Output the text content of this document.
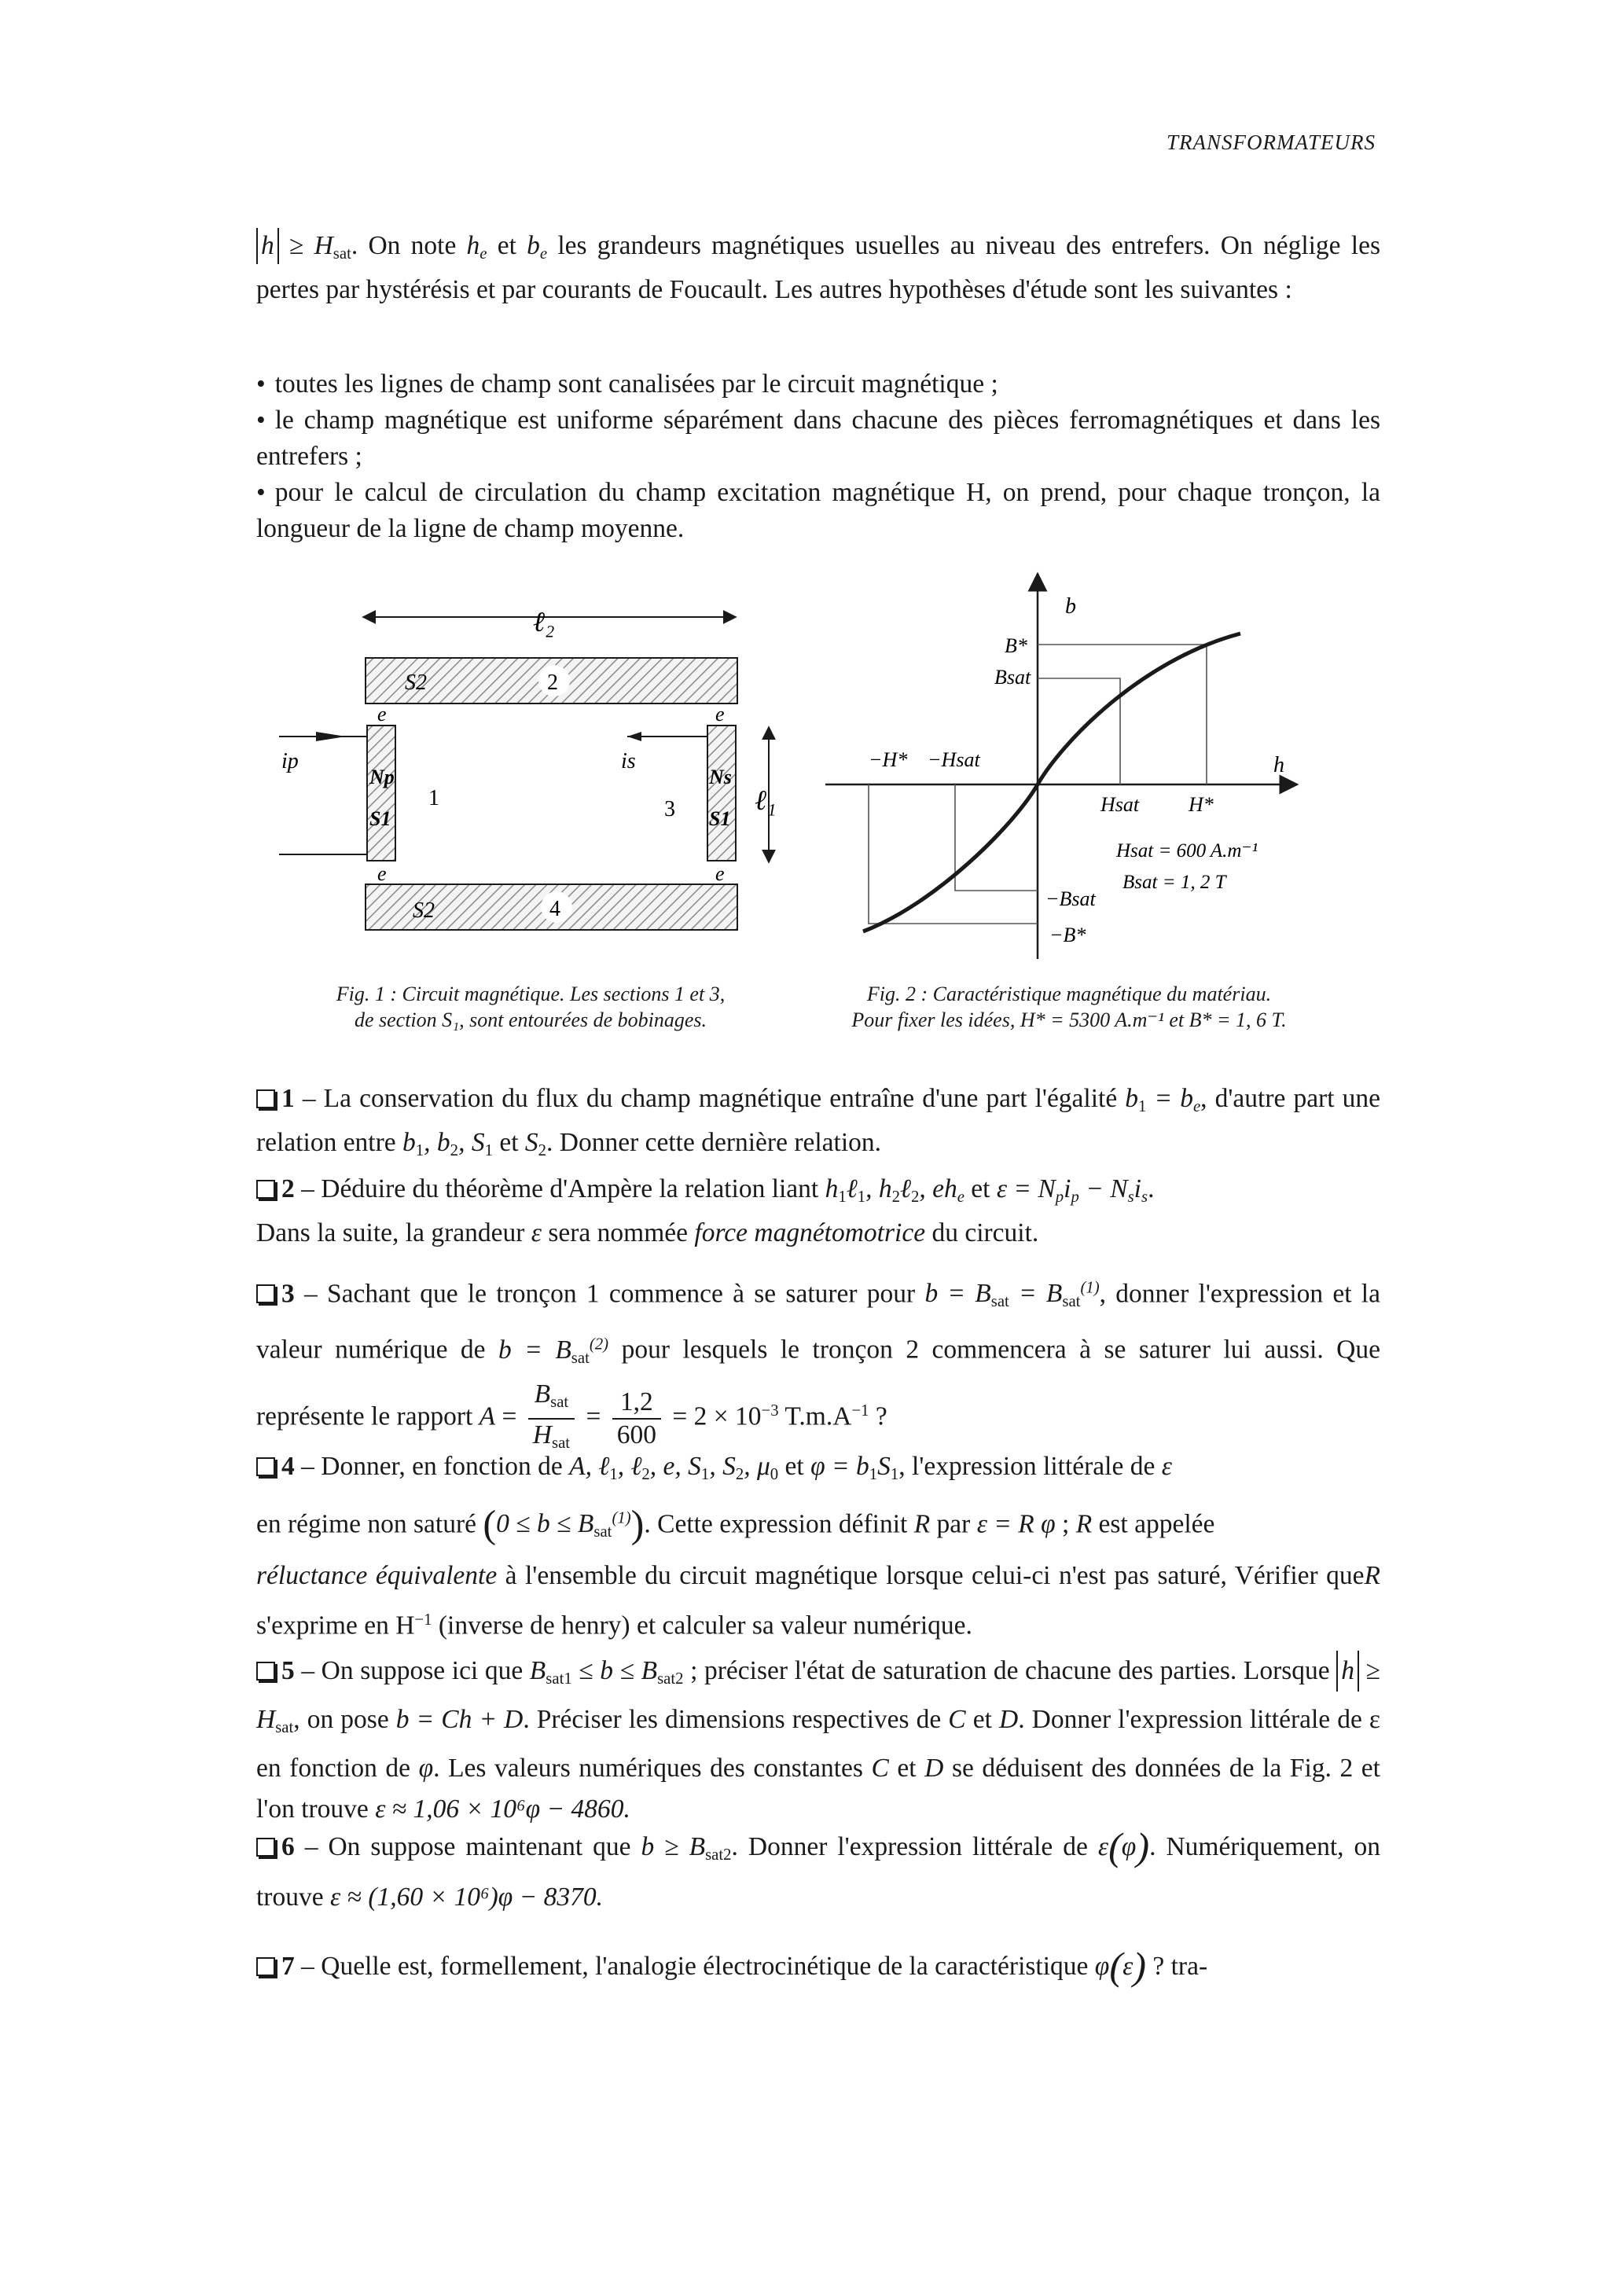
TRANSFORMATEURS
$h \ge H_{sat}$. On note he et be les grandeurs magnétiques usuelles au niveau des entrefers. On néglige les pertes par hystérésis et par courants de Foucault. Les autres hypothèses d'étude sont les suivantes :
• toutes les lignes de champ sont canalisées par le circuit magnétique ;
• le champ magnétique est uniforme séparément dans chacune des pièces ferromagnétiques et dans les entrefers ;
• pour le calcul de circulation du champ excitation magnétique H, on prend, pour chaque tronçon, la longueur de la ligne de champ moyenne.
ℓ₂
S2	2
S2	4
Np
S1
1
Ns
S1
3
e	e
e	e
ip	is
ℓ₁
Fig. 1 : Circuit magnétique. Les sections 1 et 3,
de section S₁, sont entourées de bobinages.
b
h
B*
Bsat
−H* −Hsat
Hsat H*
Hsat = 600 A.m⁻¹
Bsat = 1, 2 T
−Bsat
−B*
Fig. 2 : Caractéristique magnétique du matériau.
Pour fixer les idées, H* = 5300 A.m⁻¹ et B* = 1, 6 T.
1 – La conservation du flux du champ magnétique entraîne d'une part l'égalité $b_1$ = be, d'autre part une relation entre $b_1$, $b_2$, $S_1$ et $S_2$. Donner cette dernière relation.
2 – Déduire du théorème d'Ampère la relation liant $h_1\ell_1$, $h_2\ell_2$, ehe et ε = Npip − Nsis.
Dans la suite, la grandeur ε sera nommée force magnétomotrice du circuit.
3 – Sachant que le tronçon 1 commence à se saturer pour $b = B_{sat} = B_{sat}^{(1)}$, donner l'expression et la valeur numérique de $b = B_{sat}^{(2)}$ pour lesquels le tronçon 2 commencera à se saturer lui aussi. Que représente le rapport $A = \frac{B_{sat}}{H_{sat}} = \frac{1,2}{600} = 2 \times 10^{-3}$ $T.m.A^{-1}$ ?
4 – Donner, en fonction de A, ℓ$_1$, ℓ$_2$, e, $S_1$, $S_2$, $\mu_0$ et $\varphi = b_1S_1$, l'expression littérale de ε
en régime non saturé $(0 \le b \le B_{sat}^{(1)})$. Cette expression définit R par ε = R φ ; R est appelée
réluctance équivalente à l'ensemble du circuit magnétique lorsque celui-ci n'est pas saturé, Vérifier queR s'exprime en $H^{-1}$ (inverse de henry) et calculer sa valeur numérique.
5 – On suppose ici que $B_{sat1} \le b \le B_{sat2}$ ; préciser l'état de saturation de chacune des parties. Lorsque $h \ge H_{sat}$, on pose b = Ch + D. Préciser les dimensions respectives de C et D. Donner l'expression littérale de ε en fonction de φ. Les valeurs numériques des constantes C et D se déduisent des données de la Fig. 2 et l'on trouve ε ≈ 1,06 × 10⁶φ − 4860.
6 – On suppose maintenant que $b \ge B_{sat2}$. Donner l'expression littérale de ε(φ). Numériquement, on trouve ε ≈ (1,60 × 10⁶)φ − 8370.
7 – Quelle est, formellement, l'analogie électrocinétique de la caractéristique φ(ε) ? tra-
